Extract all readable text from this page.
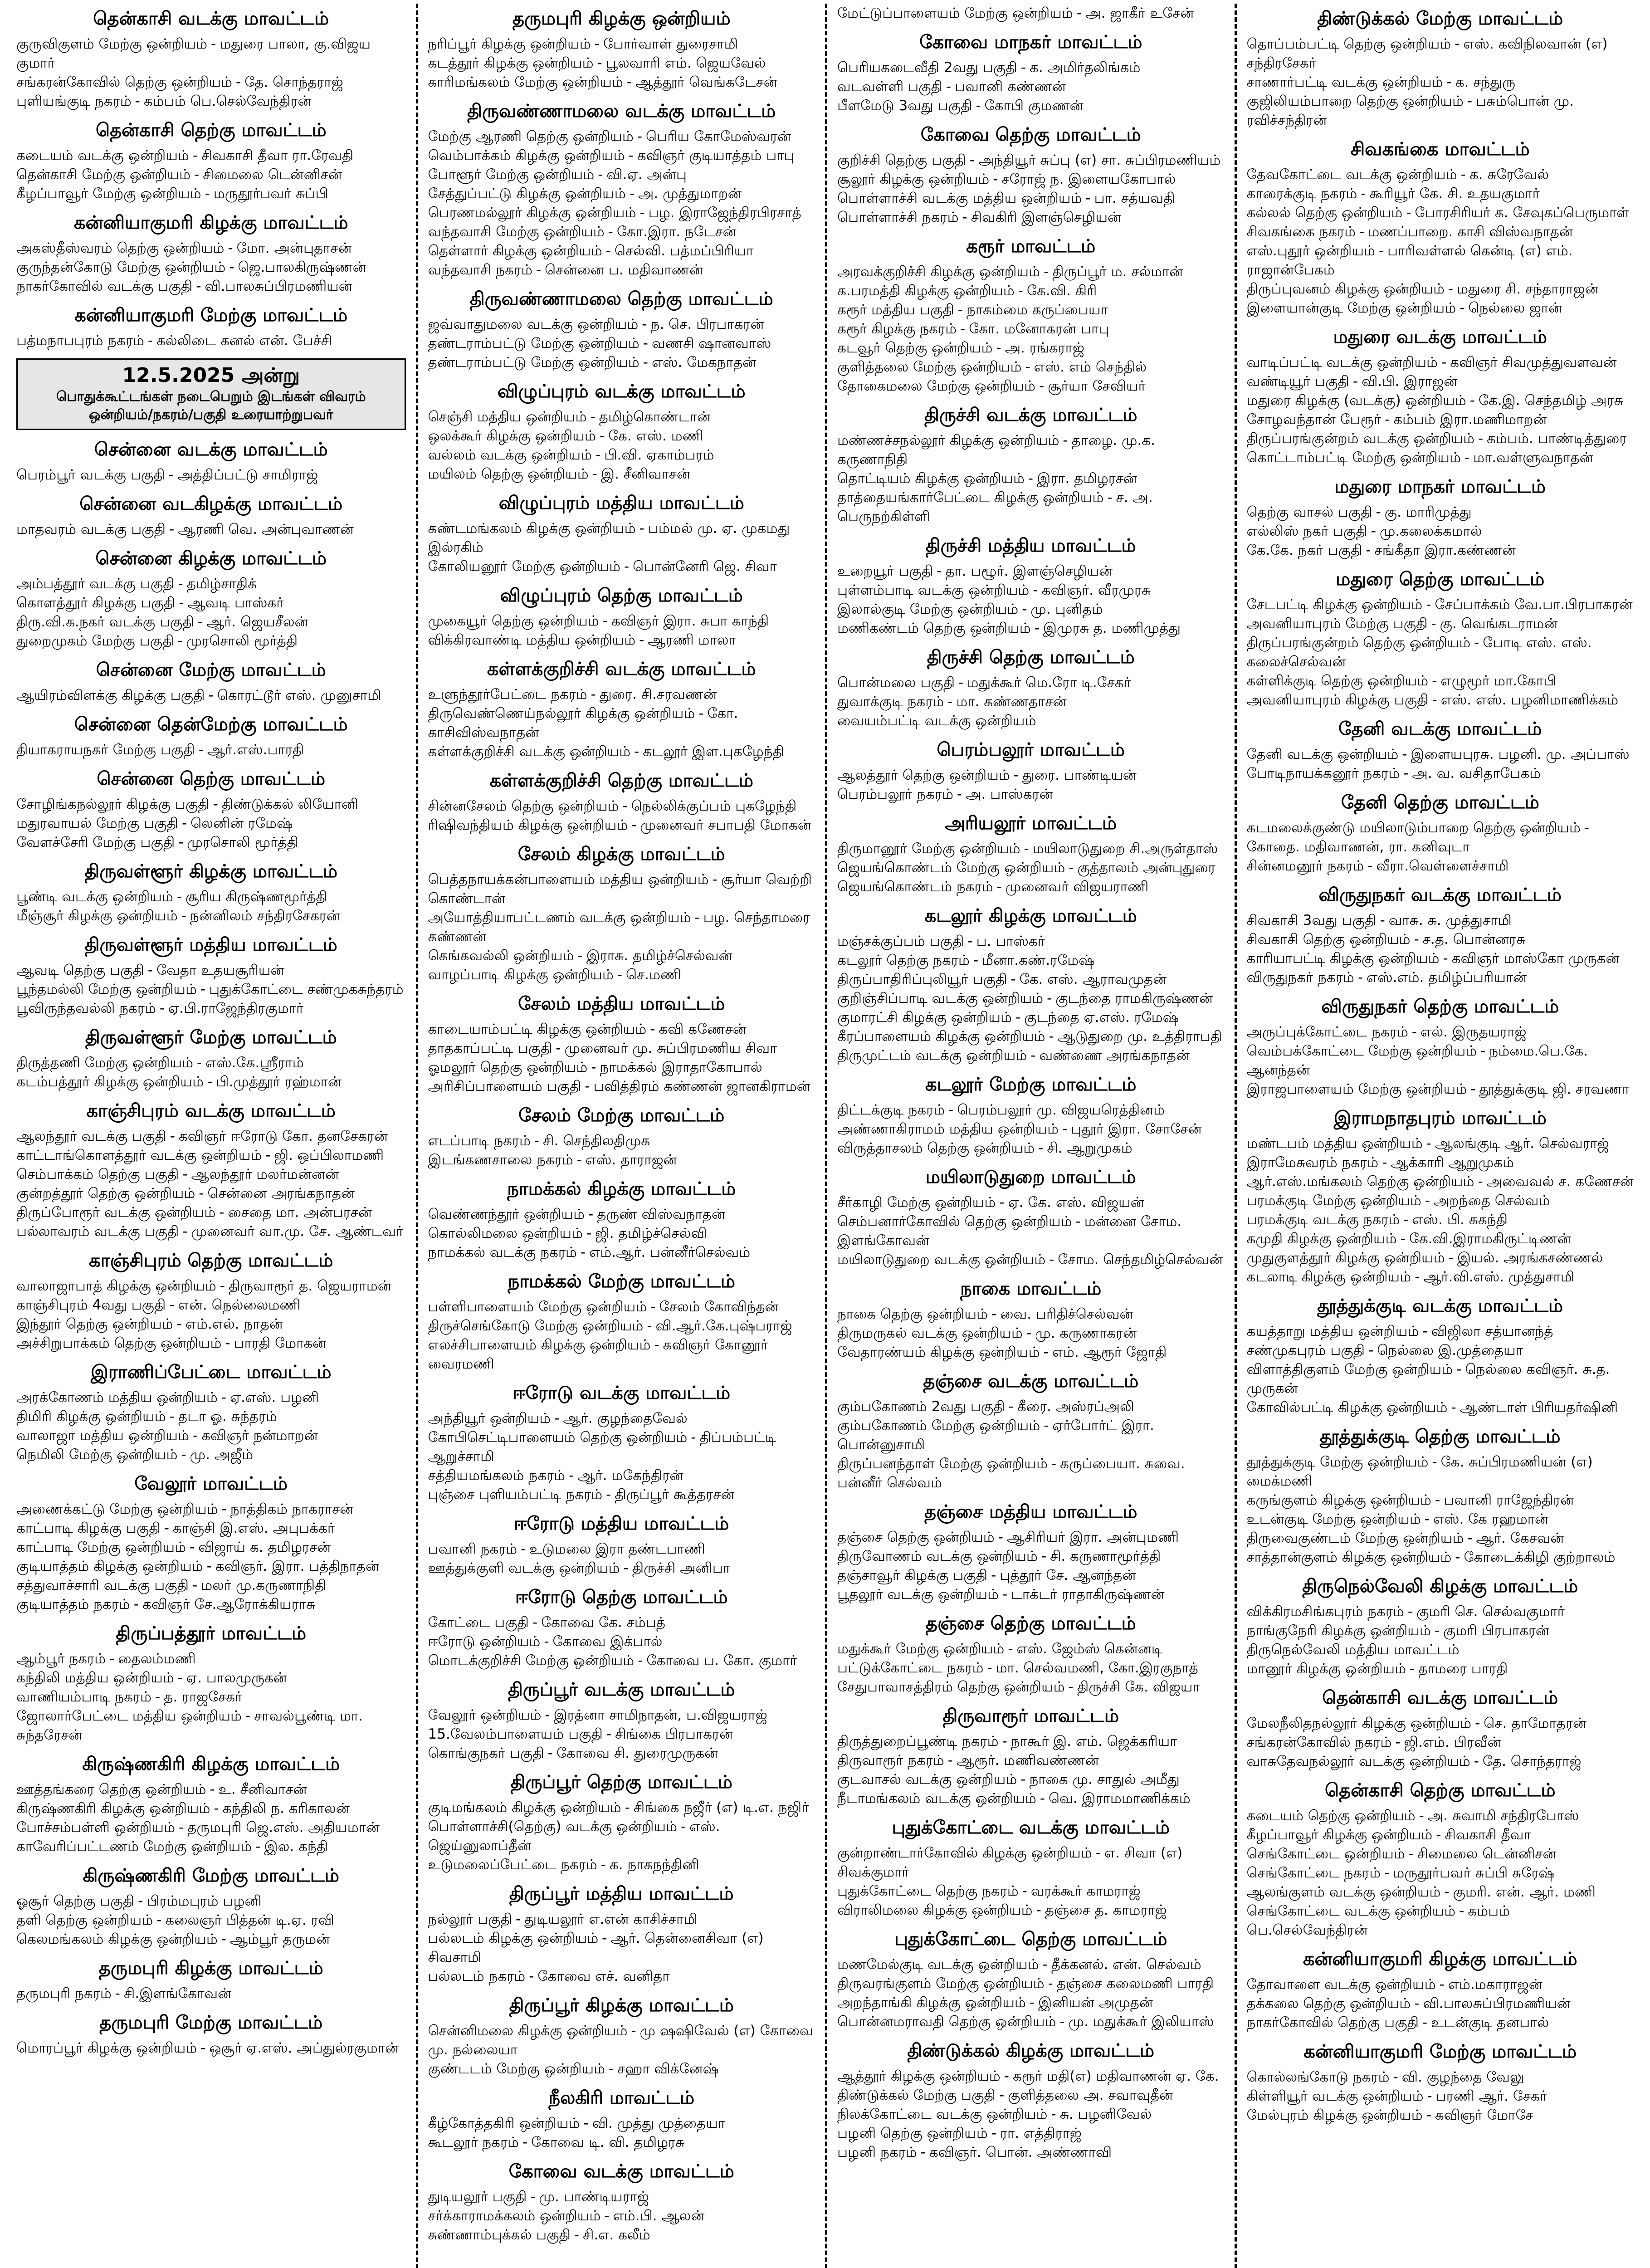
தென்காசி வடக்கு மாவட்டம்
குருவிகுளம் மேற்கு ஒன்றியம் - மதுரை பாலா, கு.விஜய குமார்
சங்கரன்கோவில் தெற்கு ஒன்றியம் - தே. சொந்தராஜ்
புளியங்குடி நகரம் - கம்பம் பெ.செல்வேந்திரன்
தென்காசி தெற்கு மாவட்டம்
கடையம் வடக்கு ஒன்றியம் - சிவகாசி தீவா ரா.ரேவதி
தென்காசி மேற்கு ஒன்றியம் - சிமைலை டென்னிசன்
கீழப்பாவூர் மேற்கு ஒன்றியம் - மருதூர்பவர் சுப்பி
கன்னியாகுமரி கிழக்கு மாவட்டம்
அகஸ்தீஸ்வரம் தெற்கு ஒன்றியம் - மோ. அன்புதாசன்
குருந்தன்கோடு மேற்கு ஒன்றியம் - ஜெ.பாலகிருஷ்ணன்
நாகர்கோவில் வடக்கு பகுதி - வி.பாலசுப்பிரமணியன்
கன்னியாகுமரி மேற்கு மாவட்டம்
பத்மநாபபுரம் நகரம் - கல்லிடை கனல் என். பேச்சி
12.5.2025 அன்று
பொதுக்கூட்டங்கள் நடைபெறும் இடங்கள் விவரம்
ஒன்றியம்/நகரம்/பகுதி உரையாற்றுபவர்
சென்னை வடக்கு மாவட்டம்
பெரம்பூர் வடக்கு பகுதி - அத்திப்பட்டு சாமிராஜ்
சென்னை வடகிழக்கு மாவட்டம்
மாதவரம் வடக்கு பகுதி - ஆரணி வெ. அன்புவாணன்
சென்னை கிழக்கு மாவட்டம்
அம்பத்தூர் வடக்கு பகுதி - தமிழ்சாதிக்
கொளத்தூர் கிழக்கு பகுதி - ஆவடி பாஸ்கர்
திரு.வி.க.நகர் வடக்கு பகுதி - ஆர். ஜெயசீலன்
துறைமுகம் மேற்கு பகுதி - முரசொலி மூர்த்தி
சென்னை மேற்கு மாவட்டம்
ஆயிரம்விளக்கு கிழக்கு பகுதி - கொரட்டூர் எஸ். முனுசாமி
சென்னை தென்மேற்கு மாவட்டம்
தியாகராயநகர் மேற்கு பகுதி - ஆர்.எஸ்.பாரதி
சென்னை தெற்கு மாவட்டம்
சோழிங்கநல்லூர் கிழக்கு பகுதி - திண்டுக்கல் லியோனி
மதுரவாயல் மேற்கு பகுதி - லெனின் ரமேஷ்
வேளச்சேரி மேற்கு பகுதி - முரசொலி மூர்த்தி
திருவள்ளூர் கிழக்கு மாவட்டம்
பூண்டி வடக்கு ஒன்றியம் - சூரிய கிருஷ்ணமூர்த்தி
மீஞ்சூர் கிழக்கு ஒன்றியம் - நன்னிலம் சந்திரசேகரன்
திருவள்ளூர் மத்திய மாவட்டம்
ஆவடி தெற்கு பகுதி - வேதா உதயசூரியன்
பூந்தமல்லி மேற்கு ஒன்றியம் - புதுக்கோட்டை சண்முகசுந்தரம்
பூவிருந்தவல்லி நகரம் - ஏ.பி.ராஜேந்திரகுமார்
திருவள்ளூர் மேற்கு மாவட்டம்
திருத்தணி மேற்கு ஒன்றியம் - எஸ்.கே.ஸ்ரீராம்
கடம்பத்தூர் கிழக்கு ஒன்றியம் - பி.முத்தூர் ரஹ்மான்
காஞ்சிபுரம் வடக்கு மாவட்டம்
ஆலந்தூர் வடக்கு பகுதி - கவிஞர் ஈரோடு கோ. தனசேகரன்
காட்டாங்கொளத்தூர் வடக்கு ஒன்றியம் - ஜி. ஒப்பிலாமணி
செம்பாக்கம் தெற்கு பகுதி - ஆலந்தூர் மலர்மன்னன்
குன்றத்தூர் தெற்கு ஒன்றியம் - சென்னை அரங்கநாதன்
திருப்போரூர் வடக்கு ஒன்றியம் - சைதை மா. அன்பரசன்
பல்லாவரம் வடக்கு பகுதி - முனைவர் வா.மு. சே. ஆண்டவர்
காஞ்சிபுரம் தெற்கு மாவட்டம்
வாலாஜாபாத் கிழக்கு ஒன்றியம் - திருவாரூர் த. ஜெயராமன்
காஞ்சிபுரம் 4வது பகுதி - என். நெல்லைமணி
இந்தூர் தெற்கு ஒன்றியம் - எம்.எல். நாதன்
அச்சிறுபாக்கம் தெற்கு ஒன்றியம் - பாரதி மோகன்
இராணிப்பேட்டை மாவட்டம்
அரக்கோணம் மத்திய ஒன்றியம் - ஏ.எஸ். பழனி
திமிரி கிழக்கு ஒன்றியம் - தடா ஓ. சுந்தரம்
வாலாஜா மத்திய ஒன்றியம் - கவிஞர் நன்மாறன்
நெமிலி மேற்கு ஒன்றியம் - மு. அஜீம்
வேலூர் மாவட்டம்
அணைக்கட்டு மேற்கு ஒன்றியம் - நாத்திகம் நாகராசன்
காட்பாடி கிழக்கு பகுதி - காஞ்சி இ.எஸ். அபுபக்கர்
காட்பாடி மேற்கு ஒன்றியம் - விஜாய் க. தமிழரசன்
குடியாத்தம் கிழக்கு ஒன்றியம் - கவிஞர். இரா. பத்திநாதன்
சத்துவாச்சாரி வடக்கு பகுதி - மலர் மு.கருணாநிதி
குடியாத்தம் நகரம் - கவிஞர் சே.ஆரோக்கியராசு
திருப்பத்தூர் மாவட்டம்
ஆம்பூர் நகரம் - தைலம்மணி
கந்திலி மத்திய ஒன்றியம் - ஏ. பாலமுருகன்
வாணியம்பாடி நகரம் - த. ராஜசேகர்
ஜோலார்பேட்டை மத்திய ஒன்றியம் - சாவல்பூண்டி மா. சுந்தரேசன்
கிருஷ்ணகிரி கிழக்கு மாவட்டம்
ஊத்தங்கரை தெற்கு ஒன்றியம் - உ. சீனிவாசன்
கிருஷ்ணகிரி கிழக்கு ஒன்றியம் - கந்திலி ந. கரிகாலன்
போச்சம்பள்ளி ஒன்றியம் - தருமபுரி ஜெ.எஸ். அதியமான்
காவேரிப்பட்டணம் மேற்கு ஒன்றியம் - இல. கந்தி
கிருஷ்ணகிரி மேற்கு மாவட்டம்
ஓசூர் தெற்கு பகுதி - பிரம்மபுரம் பழனி
தளி தெற்கு ஒன்றியம் - கலைஞர் பித்தன் டி.ஏ. ரவி
கெலமங்கலம் கிழக்கு ஒன்றியம் - ஆம்பூர் தருமன்
தருமபுரி கிழக்கு மாவட்டம்
தருமபுரி நகரம் - சி.இளங்கோவன்
தருமபுரி மேற்கு மாவட்டம்
மொரப்பூர் கிழக்கு ஒன்றியம் - ஒசூர் ஏ.எஸ். அப்துல்ரகுமான்
தருமபுரி கிழக்கு ஒன்றியம்
நரிப்பூர் கிழக்கு ஒன்றியம் - போர்வாள் துரைசாமி
கடத்தூர் கிழக்கு ஒன்றியம் - பூலவாரி எம். ஜெயவேல்
காரிமங்கலம் மேற்கு ஒன்றியம் - ஆத்தூர் வெங்கடேசன்
திருவண்ணாமலை வடக்கு மாவட்டம்
மேற்கு ஆரணி தெற்கு ஒன்றியம் - பெரிய கோமேஸ்வரன்
வெம்பாக்கம் கிழக்கு ஒன்றியம் - கவிஞர் குடியாத்தம் பாபு
போளூர் மேற்கு ஒன்றியம் - வி.ஏ. அன்பு
சேத்துப்பட்டு கிழக்கு ஒன்றியம் - அ. முத்துமாறன்
பெரணமல்லூர் கிழக்கு ஒன்றியம் - பழ. இராஜேந்திரபிரசாத்
வந்தவாசி மேற்கு ஒன்றியம் - கோ.இரா. நடேசன்
தெள்ளார் கிழக்கு ஒன்றியம் - செல்வி. பத்மப்பிரியா
வந்தவாசி நகரம் - சென்னை ப. மதிவாணன்
திருவண்ணாமலை தெற்கு மாவட்டம்
ஜவ்வாதுமலை வடக்கு ஒன்றியம் - ந. செ. பிரபாகரன்
தண்டராம்பட்டு மேற்கு ஒன்றியம் - வணசி ஷானவாஸ்
தண்டராம்பட்டு மேற்கு ஒன்றியம் - எஸ். மேகநாதன்
விழுப்புரம் வடக்கு மாவட்டம்
செஞ்சி மத்திய ஒன்றியம் - தமிழ்கொண்டான்
ஒலக்கூர் கிழக்கு ஒன்றியம் - கே. எஸ். மணி
வல்லம் வடக்கு ஒன்றியம் - பி.வி. ஏகாம்பரம்
மயிலம் தெற்கு ஒன்றியம் - இ. சீனிவாசன்
விழுப்புரம் மத்திய மாவட்டம்
கண்டமங்கலம் கிழக்கு ஒன்றியம் - பம்மல் மு. ஏ. முகமது இல்ரகிம்
கோலியனூர் மேற்கு ஒன்றியம் - பொன்னேரி ஜெ. சிவா
விழுப்புரம் தெற்கு மாவட்டம்
முகையூர் தெற்கு ஒன்றியம் - கவிஞர் இரா. சுபா காந்தி
விக்கிரவாண்டி மத்திய ஒன்றியம் - ஆரணி மாலா
கள்ளக்குறிச்சி வடக்கு மாவட்டம்
உளுந்தூர்பேட்டை நகரம் - துரை. சி.சரவணன்
திருவெண்ணெய்நல்லூர் கிழக்கு ஒன்றியம் - கோ. காசிவிஸ்வநாதன்
கள்ளக்குறிச்சி வடக்கு ஒன்றியம் - கடலூர் இள.புகழேந்தி
கள்ளக்குறிச்சி தெற்கு மாவட்டம்
சின்னசேலம் தெற்கு ஒன்றியம் - நெல்லிக்குப்பம் புகழேந்தி
ரிஷிவந்தியம் கிழக்கு ஒன்றியம் - முனைவர் சபாபதி மோகன்
சேலம் கிழக்கு மாவட்டம்
பெத்தநாயக்கன்பாளையம் மத்திய ஒன்றியம் - சூர்யா வெற்றி கொண்டான்
அயோத்தியாபட்டணம் வடக்கு ஒன்றியம் - பழ. செந்தாமரை கண்ணன்
கெங்கவல்லி ஒன்றியம் - இராசு. தமிழ்ச்செல்வன்
வாழப்பாடி கிழக்கு ஒன்றியம் - செ.மணி
சேலம் மத்திய மாவட்டம்
காடையாம்பட்டி கிழக்கு ஒன்றியம் - கவி கணேசன்
தாதகாப்பட்டி பகுதி - முனைவர் மு. சுப்பிரமணிய சிவா
ஓமலூர் தெற்கு ஒன்றியம் - நாமக்கல் இராதாகோபால்
அரிசிப்பாளையம் பகுதி - பவித்திரம் கண்ணன் ஜானகிராமன்
சேலம் மேற்கு மாவட்டம்
எடப்பாடி நகரம் - சி. செந்திலதிமுக
இடங்கணசாலை நகரம் - எஸ். தாராஜன்
நாமக்கல் கிழக்கு மாவட்டம்
வெண்ணந்தூர் ஒன்றியம் - தருண் விஸ்வநாதன்
கொல்லிமலை ஒன்றியம் - ஜி. தமிழ்ச்செல்வி
நாமக்கல் வடக்கு நகரம் - எம்.ஆர். பன்னீர்செல்வம்
நாமக்கல் மேற்கு மாவட்டம்
பள்ளிபாளையம் மேற்கு ஒன்றியம் - சேலம் கோவிந்தன்
திருச்செங்கோடு மேற்கு ஒன்றியம் - வி.ஆர்.கே.புஷ்பராஜ்
எலச்சிபாளையம் கிழக்கு ஒன்றியம் - கவிஞர் கோனூர் வைரமணி
ஈரோடு வடக்கு மாவட்டம்
அந்தியூர் ஒன்றியம் - ஆர். குழந்தைவேல்
கோபிசெட்டிபாளையம் தெற்கு ஒன்றியம் - திப்பம்பட்டி ஆறுச்சாமி
சத்தியமங்கலம் நகரம் - ஆர். மகேந்திரன்
புஞ்சை புளியம்பட்டி நகரம் - திருப்பூர் கூத்தரசன்
ஈரோடு மத்திய மாவட்டம்
பவானி நகரம் - உடுமலை இரா தண்டபாணி
ஊத்துக்குளி வடக்கு ஒன்றியம் - திருச்சி அனிபா
ஈரோடு தெற்கு மாவட்டம்
கோட்டை பகுதி - கோவை கே. சம்பத்
ஈரோடு ஒன்றியம் - கோவை இக்பால்
மொடக்குறிச்சி மேற்கு ஒன்றியம் - கோவை ப. கோ. குமார்
திருப்பூர் வடக்கு மாவட்டம்
வேலூர் ஒன்றியம் - இரத்னா சாமிநாதன், ப.விஜயராஜ்
15.வேலம்பாளையம் பகுதி - சிங்கை பிரபாகரன்
கொங்குநகர் பகுதி - கோவை சி. துரைமுருகன்
திருப்பூர் தெற்கு மாவட்டம்
குடிமங்கலம் கிழக்கு ஒன்றியம் - சிங்கை நஜீர் (எ) டி.எ. நஜிர்
பொள்ளாச்சி(தெற்கு) வடக்கு ஒன்றியம் - எஸ். ஜெய்னுலாப்தீன்
உடுமலைப்பேட்டை நகரம் - க. நாகநந்தினி
திருப்பூர் மத்திய மாவட்டம்
நல்லூர் பகுதி - துடியலூர் எ.என் காசிச்சாமி
பல்லடம் கிழக்கு ஒன்றியம் - ஆர். தென்னைசிவா (எ) சிவசாமி
பல்லடம் நகரம் - கோவை எச். வனிதா
திருப்பூர் கிழக்கு மாவட்டம்
சென்னிமலை கிழக்கு ஒன்றியம் - மு ஷஷிவேல் (எ) கோவை மு. நல்லையா
குண்டடம் மேற்கு ஒன்றியம் - சஹா விக்னேஷ்
நீலகிரி மாவட்டம்
கீழ்கோத்தகிரி ஒன்றியம் - வி. முத்து முத்தையா
கூடலூர் நகரம் - கோவை டி. வி. தமிழரசு
கோவை வடக்கு மாவட்டம்
துடியலூர் பகுதி - மு. பாண்டியராஜ்
சர்க்காராமக்கலம் ஒன்றியம் - எம்.பி. ஆலன்
சுண்ணாம்புக்கல் பகுதி - சி.எ. கலீம்
மேட்டுப்பாளையம் மேற்கு ஒன்றியம் - அ. ஜாகீர் உசேன்
கோவை மாநகர் மாவட்டம்
பெரியகடைவீதி 2வது பகுதி - க. அமிர்தலிங்கம்
வடவள்ளி பகுதி - பவானி கண்ணன்
பீளமேடு 3வது பகுதி - கோபி குமணன்
கோவை தெற்கு மாவட்டம்
குறிச்சி தெற்கு பகுதி - அந்தியூர் சுப்பு (எ) சா. சுப்பிரமணியம்
சூலூர் கிழக்கு ஒன்றியம் - சரோஜ் ந. இளையகோபால்
பொள்ளாச்சி வடக்கு மத்திய ஒன்றியம் - பா. சத்யவதி
பொள்ளாச்சி நகரம் - சிவகிரி இளஞ்செழியன்
கரூர் மாவட்டம்
அரவக்குறிச்சி கிழக்கு ஒன்றியம் - திருப்பூர் ம. சல்மான்
க.பரமத்தி கிழக்கு ஒன்றியம் - கே.வி. கிரி
கரூர் மத்திய பகுதி - நாகம்மை கருப்பையா
கரூர் கிழக்கு நகரம் - கோ. மனோகரன் பாபு
கடவூர் தெற்கு ஒன்றியம் - அ. ரங்கராஜ்
குளித்தலை மேற்கு ஒன்றியம் - எஸ். எம் செந்தில்
தோகைமலை மேற்கு ஒன்றியம் - சூர்யா சேவியர்
திருச்சி வடக்கு மாவட்டம்
மண்ணச்சநல்லூர் கிழக்கு ஒன்றியம் - தாழை. மு.க. கருணாநிதி
தொட்டியம் கிழக்கு ஒன்றியம் - இரா. தமிழரசன்
தாத்தையங்கார்பேட்டை கிழக்கு ஒன்றியம் - ச. அ. பெருநற்கிள்ளி
திருச்சி மத்திய மாவட்டம்
உறையூர் பகுதி - தா. பழூர். இளஞ்செழியன்
புள்ளம்பாடி வடக்கு ஒன்றியம் - கவிஞர். வீரமுரசு
இலால்குடி மேற்கு ஒன்றியம் - மு. புனிதம்
மணிகண்டம் தெற்கு ஒன்றியம் - இமுரசு த. மணிமுத்து
திருச்சி தெற்கு மாவட்டம்
பொன்மலை பகுதி - மதுக்கூர் மெ.ரோ டி.சேகர்
துவாக்குடி நகரம் - மா. கண்ணதாசன்
வையம்பட்டி வடக்கு ஒன்றியம்
பெரம்பலூர் மாவட்டம்
ஆலத்தூர் தெற்கு ஒன்றியம் - துரை. பாண்டியன்
பெரம்பலூர் நகரம் - அ. பாஸ்கரன்
அரியலூர் மாவட்டம்
திருமானூர் மேற்கு ஒன்றியம் - மயிலாடுதுறை சி.அருள்தாஸ்
ஜெயங்கொண்டம் மேற்கு ஒன்றியம் - குத்தாலம் அன்புதுரை
ஜெயங்கொண்டம் நகரம் - முனைவர் விஜயராணி
கடலூர் கிழக்கு மாவட்டம்
மஞ்சக்குப்பம் பகுதி - ப. பாஸ்கர்
கடலூர் தெற்கு நகரம் - மீனா.கண்.ரமேஷ்
திருப்பாதிரிப்புலியூர் பகுதி - கே. எஸ். ஆராவமுதன்
குறிஞ்சிப்பாடி வடக்கு ஒன்றியம் - குடந்தை ராமகிருஷ்ணன்
குமாரட்சி கிழக்கு ஒன்றியம் - குடந்தை ஏ.எஸ். ரமேஷ்
கீரப்பாளையம் கிழக்கு ஒன்றியம் - ஆடுதுறை மு. உத்திராபதி
திருமுட்டம் வடக்கு ஒன்றியம் - வண்ணை அரங்கநாதன்
கடலூர் மேற்கு மாவட்டம்
திட்டக்குடி நகரம் - பெரம்பலூர் மு. விஜயரெத்தினம்
அண்ணாகிராமம் மத்திய ஒன்றியம் - புதூர் இரா. சோசேன்
விருத்தாசலம் தெற்கு ஒன்றியம் - சி. ஆறுமுகம்
மயிலாடுதுறை மாவட்டம்
சீர்காழி மேற்கு ஒன்றியம் - ஏ. கே. எஸ். விஜயன்
செம்பனார்கோவில் தெற்கு ஒன்றியம் - மன்னை சோம. இளங்கோவன்
மயிலாடுதுறை வடக்கு ஒன்றியம் - சோம. செந்தமிழ்செல்வன்
நாகை மாவட்டம்
நாகை தெற்கு ஒன்றியம் - வை. பரிதிச்செல்வன்
திருமருகல் வடக்கு ஒன்றியம் - மு. கருணாகரன்
வேதாரண்யம் கிழக்கு ஒன்றியம் - எம். ஆரூர் ஜோதி
தஞ்சை வடக்கு மாவட்டம்
கும்பகோணம் 2வது பகுதி - கீரை. அஸ்ரப்அலி
கும்பகோணம் மேற்கு ஒன்றியம் - ஏர்போர்ட் இரா. பொன்னுசாமி
திருப்பனந்தாள் மேற்கு ஒன்றியம் - கருப்பையா. சுவை. பன்னீர் செல்வம்
தஞ்சை மத்திய மாவட்டம்
தஞ்சை தெற்கு ஒன்றியம் - ஆசிரியர் இரா. அன்புமணி
திருவோணம் வடக்கு ஒன்றியம் - சி. கருணாமூர்த்தி
தஞ்சாவூர் கிழக்கு பகுதி - புத்தூர் சே. ஆனந்தன்
பூதலூர் வடக்கு ஒன்றியம் - டாக்டர் ராதாகிருஷ்ணன்
தஞ்சை தெற்கு மாவட்டம்
மதுக்கூர் மேற்கு ஒன்றியம் - எஸ். ஜேம்ஸ் கென்னடி
பட்டுக்கோட்டை நகரம் - மா. செல்வமணி, கோ.இரகுநாத்
சேதுபாவாசத்திரம் தெற்கு ஒன்றியம் - திருச்சி கே. விஜயா
திருவாரூர் மாவட்டம்
திருத்துறைப்பூண்டி நகரம் - நாகூர் இ. எம். ஜெக்கரியா
திருவாரூர் நகரம் - ஆரூர். மணிவண்ணன்
குடவாசல் வடக்கு ஒன்றியம் - நாகை மு. சாதுல் அமீது
நீடாமங்கலம் வடக்கு ஒன்றியம் - வெ. இராமமாணிக்கம்
புதுக்கோட்டை வடக்கு மாவட்டம்
குன்றாண்டார்கோவில் கிழக்கு ஒன்றியம் - எ. சிவா (எ) சிவக்குமார்
புதுக்கோட்டை தெற்கு நகரம் - வரக்கூர் காமராஜ்
விராலிமலை கிழக்கு ஒன்றியம் - தஞ்சை த. காமராஜ்
புதுக்கோட்டை தெற்கு மாவட்டம்
மணமேல்குடி வடக்கு ஒன்றியம் - தீக்கனல். என். செல்வம்
திருவரங்குளம் மேற்கு ஒன்றியம் - தஞ்சை கலைமணி பாரதி
அறந்தாங்கி கிழக்கு ஒன்றியம் - இனியன் அமுதன்
பொன்னமராவதி தெற்கு ஒன்றியம் - மு. மதுக்கூர் இலியாஸ்
திண்டுக்கல் கிழக்கு மாவட்டம்
ஆத்தூர் கிழக்கு ஒன்றியம் - கரூர் மதி(எ) மதிவாணன் ஏ. கே.
திண்டுக்கல் மேற்கு பகுதி - குளித்தலை அ. சவாவுதீன்
நிலக்கோட்டை வடக்கு ஒன்றியம் - சு. பழனிவேல்
பழனி தெற்கு ஒன்றியம் - ரா. எத்திராஜ்
பழனி நகரம் - கவிஞர். பொன். அண்ணாவி
திண்டுக்கல் மேற்கு மாவட்டம்
தொப்பம்பட்டி தெற்கு ஒன்றியம் - எஸ். கவிநிலவான் (எ) சந்திரசேகர்
சாணார்பட்டி வடக்கு ஒன்றியம் - க. சந்துரு
குஜிலியம்பாறை தெற்கு ஒன்றியம் - பசும்பொன் மு. ரவிச்சந்திரன்
சிவகங்கை மாவட்டம்
தேவகோட்டை வடக்கு ஒன்றியம் - க. சுரேவேல்
காரைக்குடி நகரம் - கூரியூர் கே. சி. உதயகுமார்
கல்லல் தெற்கு ஒன்றியம் - போரசிரியர் க. சேவுகப்பெருமாள்
சிவகங்கை நகரம் - மணப்பாறை. காசி விஸ்வநாதன்
எஸ்.புதூர் ஒன்றியம் - பாரிவள்ளல் கென்டி (எ) எம். ராஜான்பேகம்
திருப்புவனம் கிழக்கு ஒன்றியம் - மதுரை சி. சந்தாராஜன்
இளையான்குடி மேற்கு ஒன்றியம் - நெல்லை ஜான்
மதுரை வடக்கு மாவட்டம்
வாடிப்பட்டி வடக்கு ஒன்றியம் - கவிஞர் சிவமுத்துவளவன்
வண்டியூர் பகுதி - வி.பி. இராஜன்
மதுரை கிழக்கு (வடக்கு) ஒன்றியம் - கே.இ. செந்தமிழ் அரசு
சோழவந்தான் பேரூர் - கம்பம் இரா.மணிமாறன்
திருப்பரங்குன்றம் வடக்கு ஒன்றியம் - கம்பம். பாண்டித்துரை
கொட்டாம்பட்டி மேற்கு ஒன்றியம் - மா.வள்ளுவநாதன்
மதுரை மாநகர் மாவட்டம்
தெற்கு வாசல் பகுதி - கு. மாரிமுத்து
எல்லிஸ் நகர் பகுதி - மு.கலைக்கமால்
கே.கே. நகர் பகுதி - சங்கீதா இரா.கண்ணன்
மதுரை தெற்கு மாவட்டம்
சேடபட்டி கிழக்கு ஒன்றியம் - சேப்பாக்கம் வே.பா.பிரபாகரன்
அவனியாபுரம் மேற்கு பகுதி - கு. வெங்கடராமன்
திருப்பரங்குன்றம் தெற்கு ஒன்றியம் - போடி எஸ். எஸ். கலைச்செல்வன்
கள்ளிக்குடி தெற்கு ஒன்றியம் - எழுமூர் மா.கோபி
அவனியாபுரம் கிழக்கு பகுதி - எஸ். எஸ். பழனிமாணிக்கம்
தேனி வடக்கு மாவட்டம்
தேனி வடக்கு ஒன்றியம் - இளையபுரசு. பழனி. மு. அப்பாஸ்
போடிநாயக்கனூர் நகரம் - அ. வ. வசிதாபேகம்
தேனி தெற்கு மாவட்டம்
கடமலைக்குண்டு மயிலாடும்பாறை தெற்கு ஒன்றியம் -கோதை. மதிவாணன், ரா. கனிவுடா
சின்னமனூர் நகரம் - வீரா.வெள்ளைச்சாமி
விருதுநகர் வடக்கு மாவட்டம்
சிவகாசி 3வது பகுதி - வாசு. சு. முத்துசாமி
சிவகாசி தெற்கு ஒன்றியம் - ச.த. பொன்னரசு
காரியாபட்டி கிழக்கு ஒன்றியம் - கவிஞர் மாஸ்கோ முருகன்
விருதுநகர் நகரம் - எஸ்.எம். தமிழ்ப்பரியான்
விருதுநகர் தெற்கு மாவட்டம்
அருப்புக்கோட்டை நகரம் - எல். இருதயராஜ்
வெம்பக்கோட்டை மேற்கு ஒன்றியம் - நம்மை.பெ.கே. ஆனந்தன்
இராஜபாளையம் மேற்கு ஒன்றியம் - தூத்துக்குடி ஜி. சரவணா
இராமநாதபுரம் மாவட்டம்
மண்டபம் மத்திய ஒன்றியம் - ஆலங்குடி ஆர். செல்வராஜ்
இராமேசுவரம் நகரம் - ஆக்காரி ஆறுமுகம்
ஆர்.எஸ்.மங்கலம் தெற்கு ஒன்றியம் - அவைவல் ச. கணேசன்
பரமக்குடி மேற்கு ஒன்றியம் - அறந்தை செல்வம்
பரமக்குடி வடக்கு நகரம் - எஸ். பி. சுகந்தி
கமுதி கிழக்கு ஒன்றியம் - கே.வி.இராமகிருட்டிணன்
முதுகுளத்தூர் கிழக்கு ஒன்றியம் - இயல். அரங்கசண்ணல்
கடலாடி கிழக்கு ஒன்றியம் - ஆர்.வி.எஸ். முத்துசாமி
தூத்துக்குடி வடக்கு மாவட்டம்
கயத்தாறு மத்திய ஒன்றியம் - விஜிலா சத்யானந்த்
சண்முகபுரம் பகுதி - நெல்லை இ.முத்தையா
விளாத்திகுளம் மேற்கு ஒன்றியம் - நெல்லை கவிஞர். சு.த. முருகன்
கோவில்பட்டி கிழக்கு ஒன்றியம் - ஆண்டாள் பிரியதர்ஷினி
தூத்துக்குடி தெற்கு மாவட்டம்
தூத்துக்குடி மேற்கு ஒன்றியம் - கே. சுப்பிரமணியன் (எ) மைக்மணி
கருங்குளம் கிழக்கு ஒன்றியம் - பவானி ராஜேந்திரன்
உடன்குடி மேற்கு ஒன்றியம் - எஸ். கே ரஹமான்
திருவைகுண்டம் மேற்கு ஒன்றியம் - ஆர். கேசவன்
சாத்தான்குளம் கிழக்கு ஒன்றியம் - கோடைக்கிழி குற்றாலம்
திருநெல்வேலி கிழக்கு மாவட்டம்
விக்கிரமசிங்கபுரம் நகரம் - குமரி செ. செல்வகுமார்
நாங்குநேரி கிழக்கு ஒன்றியம் - குமரி பிரபாகரன்
திருநெல்வேலி மத்திய மாவட்டம்
மானூர் கிழக்கு ஒன்றியம் - தாமரை பாரதி
தென்காசி வடக்கு மாவட்டம்
மேலநீலிதநல்லூர் கிழக்கு ஒன்றியம் - செ. தாமோதரன்
சங்கரன்கோவில் நகரம் - ஜி.எம். பிரவீன்
வாசுதேவநல்லூர் வடக்கு ஒன்றியம் - தே. சொந்தராஜ்
தென்காசி தெற்கு மாவட்டம்
கடையம் தெற்கு ஒன்றியம் - அ. சுவாமி சந்திரபோஸ்
கீழப்பாவூர் கிழக்கு ஒன்றியம் - சிவகாசி தீவா
செங்கோட்டை ஒன்றியம் - சிமைலை டென்னிசன்
செங்கோட்டை நகரம் - மருதூர்பவர் சுப்பி சுரேஷ்
ஆலங்குளம் வடக்கு ஒன்றியம் - குமரி. என். ஆர். மணி
செங்கோட்டை வடக்கு ஒன்றியம் - கம்பம் பெ.செல்வேந்திரன்
கன்னியாகுமரி கிழக்கு மாவட்டம்
தோவாளை வடக்கு ஒன்றியம் - எம்.மகாராஜன்
தக்கலை தெற்கு ஒன்றியம் - வி.பாலசுப்பிரமணியன்
நாகர்கோவில் தெற்கு பகுதி - உடன்குடி தனபால்
கன்னியாகுமரி மேற்கு மாவட்டம்
கொல்லங்கோடு நகரம் - வி. குழந்தை வேலு
கிள்ளியூர் வடக்கு ஒன்றியம் - பரணி ஆர். சேகர்
மேல்புரம் கிழக்கு ஒன்றியம் - கவிஞர் மோசே
